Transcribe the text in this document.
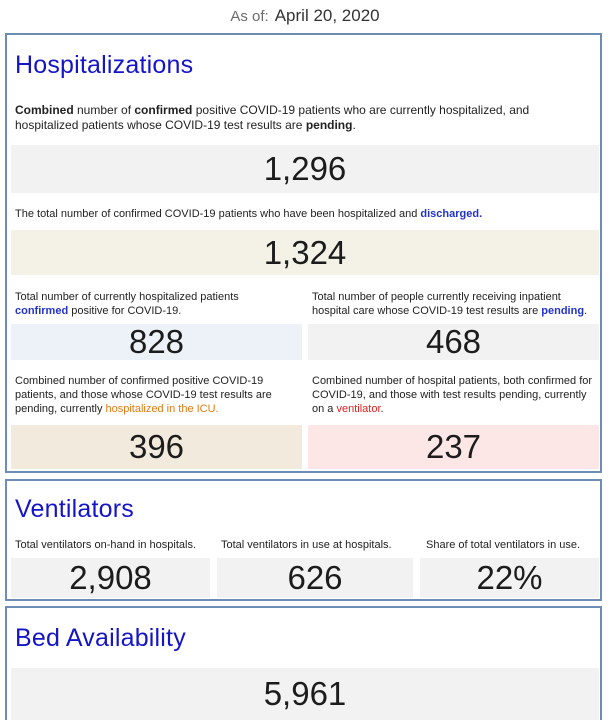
As of: April 20, 2020
Hospitalizations
Combined number of confirmed positive COVID-19 patients who are currently hospitalized, and hospitalized patients whose COVID-19 test results are pending.
1,296
The total number of confirmed COVID-19 patients who have been hospitalized and discharged.
1,324
Total number of currently hospitalized patients
confirmed positive for COVID-19.
828
Total number of people currently receiving inpatient hospital care whose COVID-19 test results are pending.
468
Combined number of confirmed positive COVID-19 patients, and those whose COVID-19 test results are pending, currently hospitalized in the ICU.
396
Combined number of hospital patients, both confirmed for COVID-19, and those with test results pending, currently on a ventilator.
237
Ventilators
Total ventilators on-hand in hospitals.
2,908
Total ventilators in use at hospitals.
626
Share of total ventilators in use.
22%
Bed Availability
5,961
